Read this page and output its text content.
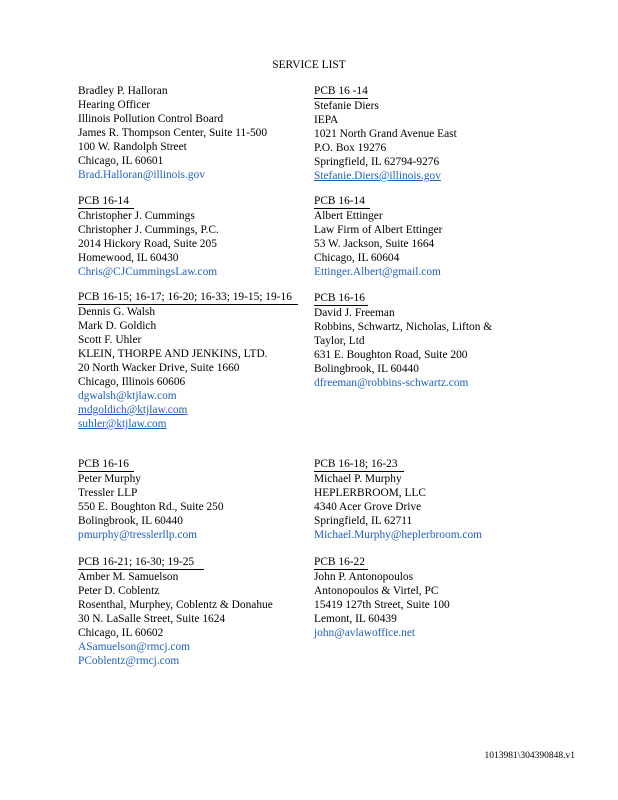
SERVICE LIST
Bradley P. Halloran
Hearing Officer
Illinois Pollution Control Board
James R. Thompson Center, Suite 11-500
100 W. Randolph Street
Chicago, IL 60601
Brad.Halloran@illinois.gov
PCB 16 -14
Stefanie Diers
IEPA
1021 North Grand Avenue East
P.O. Box 19276
Springfield, IL 62794-9276
Stefanie.Diers@illinois.gov
PCB 16-14
Christopher J. Cummings
Christopher J. Cummings, P.C.
2014 Hickory Road, Suite 205
Homewood, IL 60430
Chris@CJCummingsLaw.com
PCB 16-14
Albert Ettinger
Law Firm of Albert Ettinger
53 W. Jackson, Suite 1664
Chicago, IL 60604
Ettinger.Albert@gmail.com
PCB 16-15; 16-17; 16-20; 16-33; 19-15; 19-16
Dennis G. Walsh
Mark D. Goldich
Scott F. Uhler
KLEIN, THORPE AND JENKINS, LTD.
20 North Wacker Drive, Suite 1660
Chicago, Illinois 60606
dgwalsh@ktjlaw.com
mdgoldich@ktjlaw.com
suhler@ktjlaw.com
PCB 16-16
David J. Freeman
Robbins, Schwartz, Nicholas, Lifton &
Taylor, Ltd
631 E. Boughton Road, Suite 200
Bolingbrook, IL 60440
dfreeman@robbins-schwartz.com
PCB 16-16
Peter Murphy
Tressler LLP
550 E. Boughton Rd., Suite 250
Bolingbrook, IL 60440
pmurphy@tresslerllp.com
PCB 16-18; 16-23
Michael P. Murphy
HEPLERBROOM, LLC
4340 Acer Grove Drive
Springfield, IL 62711
Michael.Murphy@heplerbroom.com
PCB 16-21; 16-30; 19-25
Amber M. Samuelson
Peter D. Coblentz
Rosenthal, Murphey, Coblentz & Donahue
30 N. LaSalle Street, Suite 1624
Chicago, IL 60602
ASamuelson@rmcj.com
PCoblentz@rmcj.com
PCB 16-22
John P. Antonopoulos
Antonopoulos & Virtel, PC
15419 127th Street, Suite 100
Lemont, IL 60439
john@avlawoffice.net
1013981\304390848.v1
